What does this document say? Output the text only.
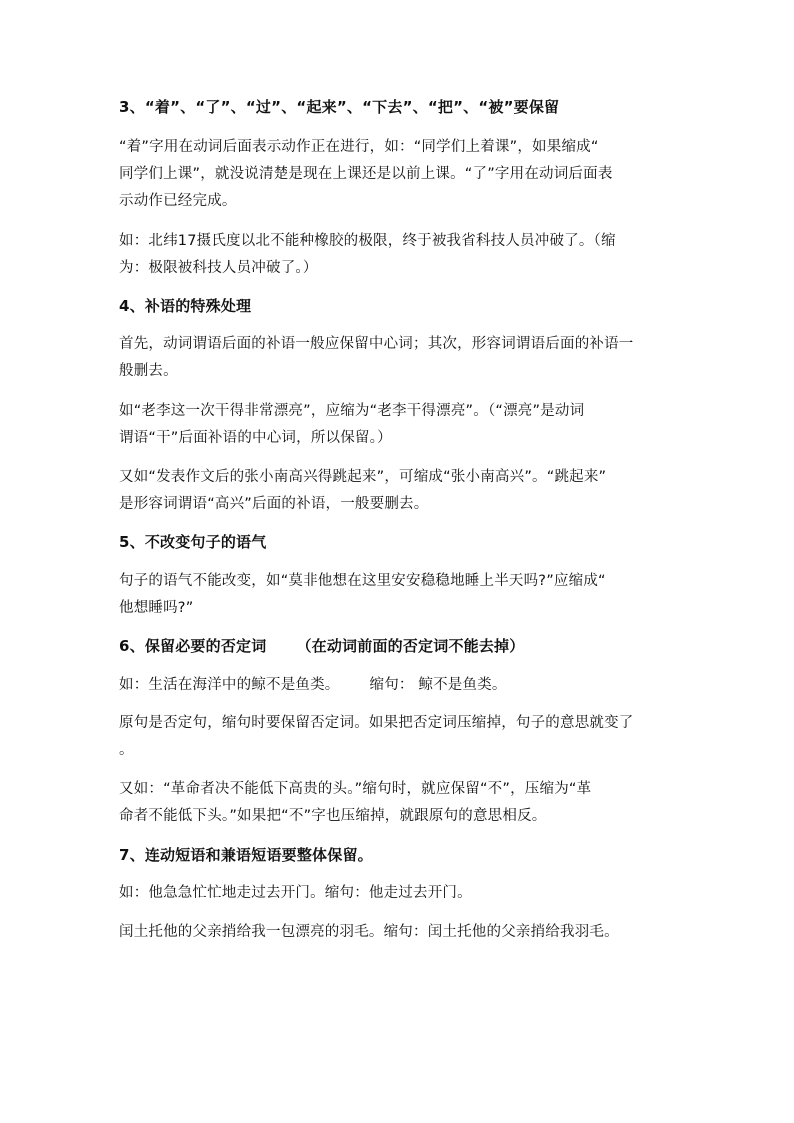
3、“着”、“了”、“过”、“起来”、“下去”、“把”、“被”要保留
“着”字用在动词后面表示动作正在进行，如：“同学们上着课”，如果缩成“
同学们上课”，就没说清楚是现在上课还是以前上课。“了”字用在动词后面表
示动作已经完成。
如：北纬17摄氏度以北不能种橡胶的极限，终于被我省科技人员冲破了。（缩
为：极限被科技人员冲破了。）
4、补语的特殊处理
首先，动词谓语后面的补语一般应保留中心词；其次，形容词谓语后面的补语一
般删去。
如“老李这一次干得非常漂亮”，应缩为“老李干得漂亮”。（“漂亮”是动词
谓语“干”后面补语的中心词，所以保留。）
又如“发表作文后的张小南高兴得跳起来”，可缩成“张小南高兴”。“跳起来”
是形容词谓语“高兴”后面的补语，一般要删去。
5、不改变句子的语气
句子的语气不能改变，如“莫非他想在这里安安稳稳地睡上半天吗?”应缩成“
他想睡吗?”
6、保留必要的否定词 （在动词前面的否定词不能去掉）
如：生活在海洋中的鲸不是鱼类。 缩句： 鲸不是鱼类。
原句是否定句，缩句时要保留否定词。如果把否定词压缩掉，句子的意思就变了
。
又如：“革命者决不能低下高贵的头。”缩句时，就应保留“不”，压缩为“革
命者不能低下头。”如果把“不”字也压缩掉，就跟原句的意思相反。
7、连动短语和兼语短语要整体保留。
如：他急急忙忙地走过去开门。缩句：他走过去开门。
闰土托他的父亲捎给我一包漂亮的羽毛。缩句：闰土托他的父亲捎给我羽毛。
